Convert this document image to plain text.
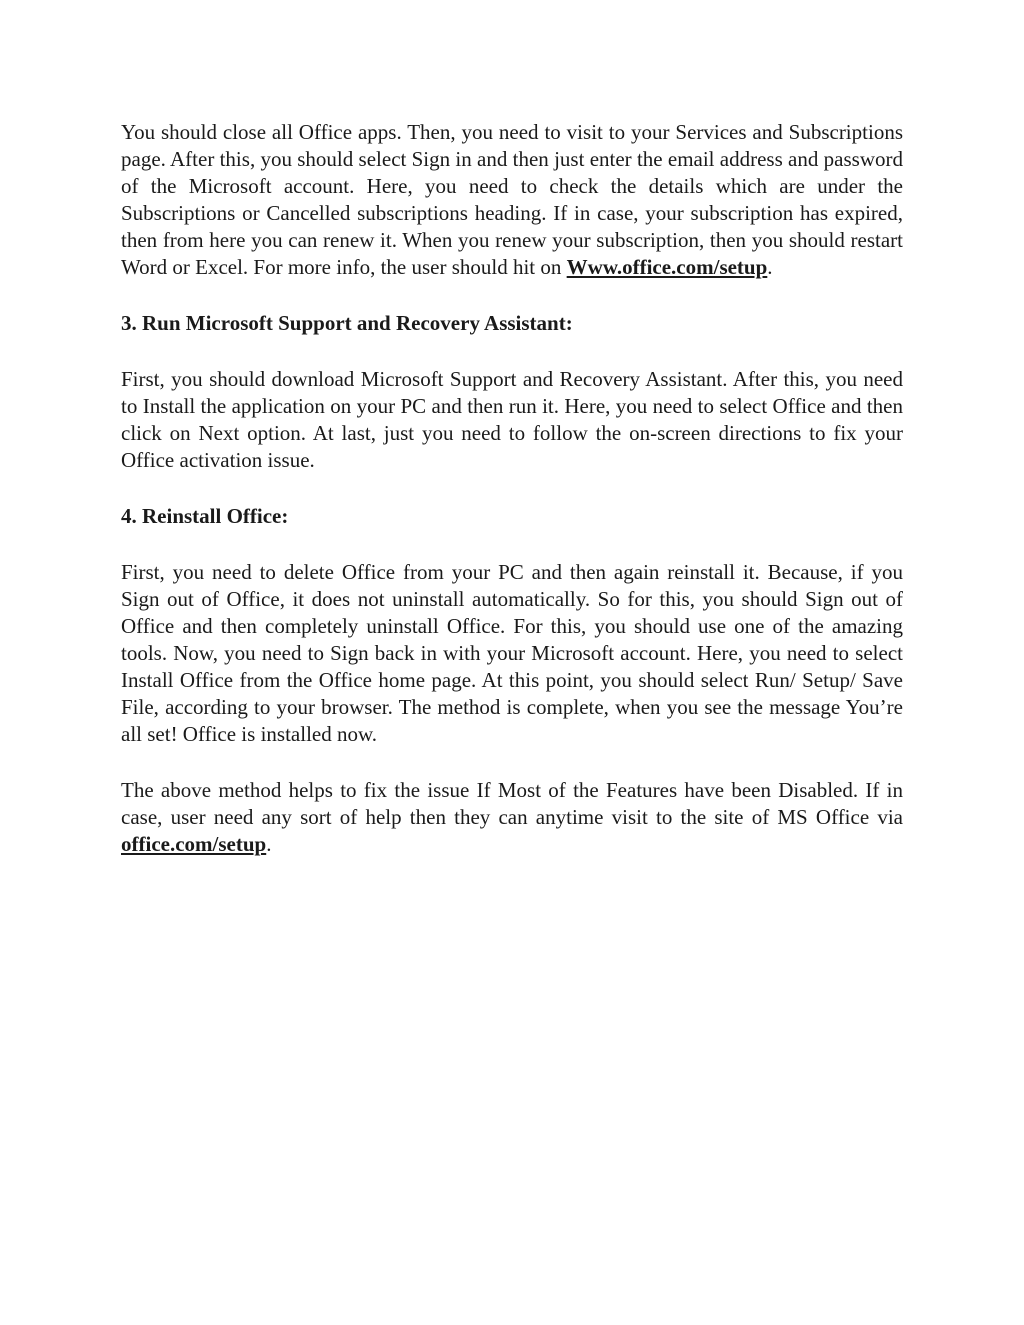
You should close all Office apps. Then, you need to visit to your Services and Subscriptions page. After this, you should select Sign in and then just enter the email address and password of the Microsoft account. Here, you need to check the details which are under the Subscriptions or Cancelled subscriptions heading. If in case, your subscription has expired, then from here you can renew it. When you renew your subscription, then you should restart Word or Excel. For more info, the user should hit on Www.office.com/setup.

3. Run Microsoft Support and Recovery Assistant:

First, you should download Microsoft Support and Recovery Assistant. After this, you need to Install the application on your PC and then run it. Here, you need to select Office and then click on Next option. At last, just you need to follow the on-screen directions to fix your Office activation issue.

4. Reinstall Office:

First, you need to delete Office from your PC and then again reinstall it. Because, if you Sign out of Office, it does not uninstall automatically. So for this, you should Sign out of Office and then completely uninstall Office. For this, you should use one of the amazing tools. Now, you need to Sign back in with your Microsoft account. Here, you need to select Install Office from the Office home page. At this point, you should select Run/ Setup/ Save File, according to your browser. The method is complete, when you see the message You’re all set! Office is installed now.

The above method helps to fix the issue If Most of the Features have been Disabled. If in case, user need any sort of help then they can anytime visit to the site of MS Office via office.com/setup.
